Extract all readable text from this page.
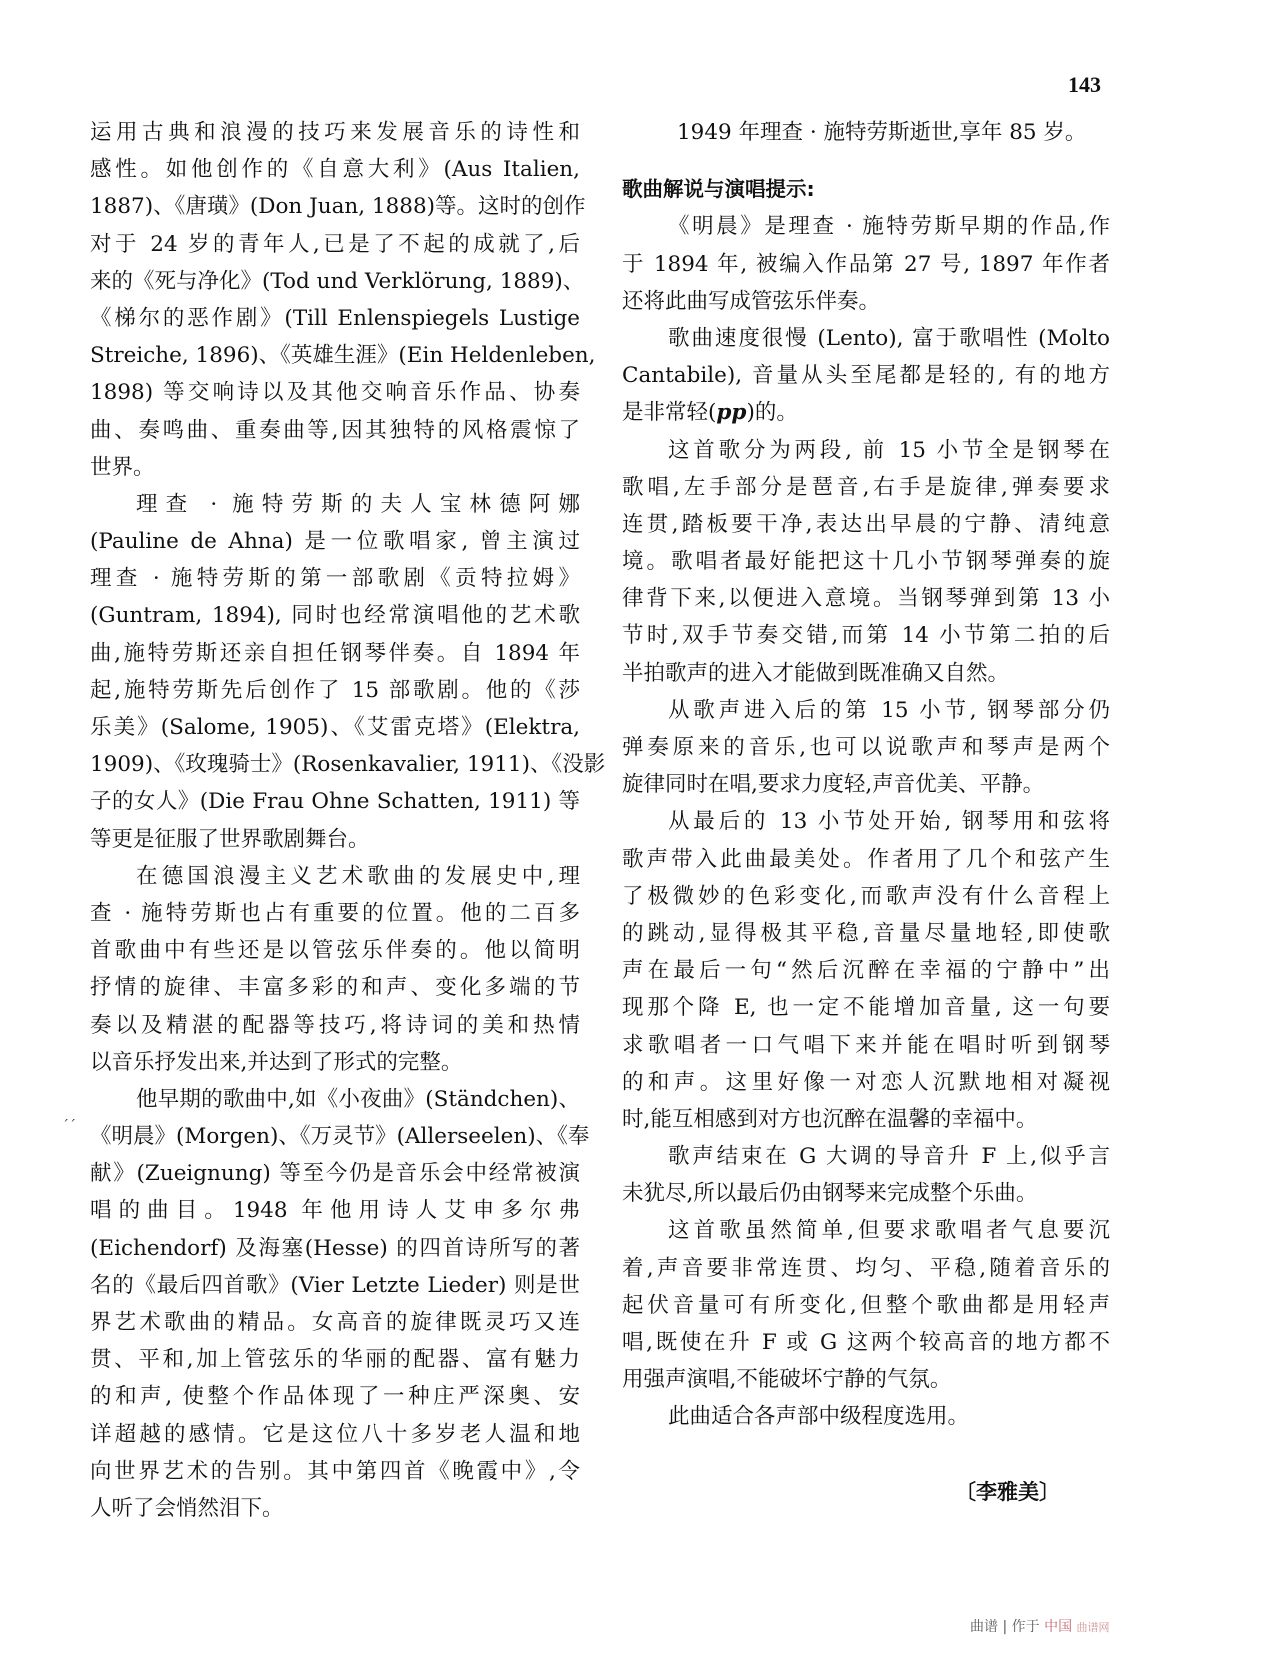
143
运用古典和浪漫的技巧来发展音乐的诗性和
感性。如他创作的《自意大利》(Aus Italien,
1887)、《唐璜》(Don Juan, 1888)等。这时的创作
对于 24 岁的青年人,已是了不起的成就了,后
来的《死与净化》(Tod und Verklörung, 1889)、
《梯尔的恶作剧》(Till Enlenspiegels Lustige
Streiche, 1896)、《英雄生涯》(Ein Heldenleben,
1898) 等交响诗以及其他交响音乐作品、协奏
曲、奏鸣曲、重奏曲等,因其独特的风格震惊了
世界。
理查 · 施特劳斯的夫人宝林德阿娜
(Pauline de Ahna) 是一位歌唱家, 曾主演过
理查 · 施特劳斯的第一部歌剧《贡特拉姆》
(Guntram, 1894), 同时也经常演唱他的艺术歌
曲,施特劳斯还亲自担任钢琴伴奏。自 1894 年
起,施特劳斯先后创作了 15 部歌剧。他的《莎
乐美》(Salome, 1905)、《艾雷克塔》(Elektra,
1909)、《玫瑰骑士》(Rosenkavalier, 1911)、《没影
子的女人》(Die Frau Ohne Schatten, 1911) 等
等更是征服了世界歌剧舞台。
在德国浪漫主义艺术歌曲的发展史中,理
查 · 施特劳斯也占有重要的位置。他的二百多
首歌曲中有些还是以管弦乐伴奏的。他以简明
抒情的旋律、丰富多彩的和声、变化多端的节
奏以及精湛的配器等技巧,将诗词的美和热情
以音乐抒发出来,并达到了形式的完整。
他早期的歌曲中,如《小夜曲》(Ständchen)、
《明晨》(Morgen)、《万灵节》(Allerseelen)、《奉
献》(Zueignung) 等至今仍是音乐会中经常被演
唱的曲目。1948 年他用诗人艾申多尔弗
(Eichendorf) 及海塞(Hesse) 的四首诗所写的著
名的《最后四首歌》(Vier Letzte Lieder) 则是世
界艺术歌曲的精品。女高音的旋律既灵巧又连
贯、平和,加上管弦乐的华丽的配器、富有魅力
的和声, 使整个作品体现了一种庄严深奥、安
详超越的感情。它是这位八十多岁老人温和地
向世界艺术的告别。其中第四首《晚霞中》,令
人听了会悄然泪下。
1949 年理查 · 施特劳斯逝世,享年 85 岁。
歌曲解说与演唱提示:
《明晨》是理查 · 施特劳斯早期的作品,作
于 1894 年, 被编入作品第 27 号, 1897 年作者
还将此曲写成管弦乐伴奏。
歌曲速度很慢 (Lento), 富于歌唱性 (Molto
Cantabile), 音量从头至尾都是轻的, 有的地方
是非常轻(pp)的。
这首歌分为两段, 前 15 小节全是钢琴在
歌唱,左手部分是琶音,右手是旋律,弹奏要求
连贯,踏板要干净,表达出早晨的宁静、清纯意
境。歌唱者最好能把这十几小节钢琴弹奏的旋
律背下来,以便进入意境。当钢琴弹到第 13 小
节时,双手节奏交错,而第 14 小节第二拍的后
半拍歌声的进入才能做到既准确又自然。
从歌声进入后的第 15 小节, 钢琴部分仍
弹奏原来的音乐,也可以说歌声和琴声是两个
旋律同时在唱,要求力度轻,声音优美、平静。
从最后的 13 小节处开始, 钢琴用和弦将
歌声带入此曲最美处。作者用了几个和弦产生
了极微妙的色彩变化,而歌声没有什么音程上
的跳动,显得极其平稳,音量尽量地轻,即使歌
声在最后一句“然后沉醉在幸福的宁静中”出
现那个降 E, 也一定不能增加音量, 这一句要
求歌唱者一口气唱下来并能在唱时听到钢琴
的和声。这里好像一对恋人沉默地相对凝视
时,能互相感到对方也沉醉在温馨的幸福中。
歌声结束在 G 大调的导音升 F 上,似乎言
未犹尽,所以最后仍由钢琴来完成整个乐曲。
这首歌虽然简单,但要求歌唱者气息要沉
着,声音要非常连贯、均匀、平稳,随着音乐的
起伏音量可有所变化,但整个歌曲都是用轻声
唱,既使在升 F 或 G 这两个较高音的地方都不
用强声演唱,不能破坏宁静的气氛。
此曲适合各声部中级程度选用。
ˊˊ
〔李雅美〕
曲谱 | 作于 中国 曲谱网
